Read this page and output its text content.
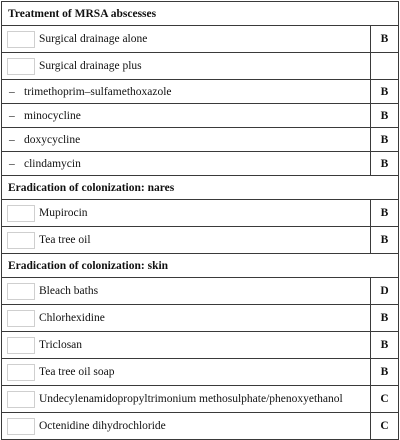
Treatment of MRSA abscesses	

Surgical drainage alone	B

Surgical drainage plus	

– trimethoprim–sulfamethoxazole	B

– minocycline	B

– doxycycline	B

– clindamycin	B
Eradication of colonization: nares	

Mupirocin	B

Tea tree oil	B
Eradication of colonization: skin	

Bleach baths	D

Chlorhexidine	B

Triclosan	B

Tea tree oil soap	B

Undecylenamidopropyltrimonium methosulphate/phenoxyethanol	C

Octenidine dihydrochloride	C
